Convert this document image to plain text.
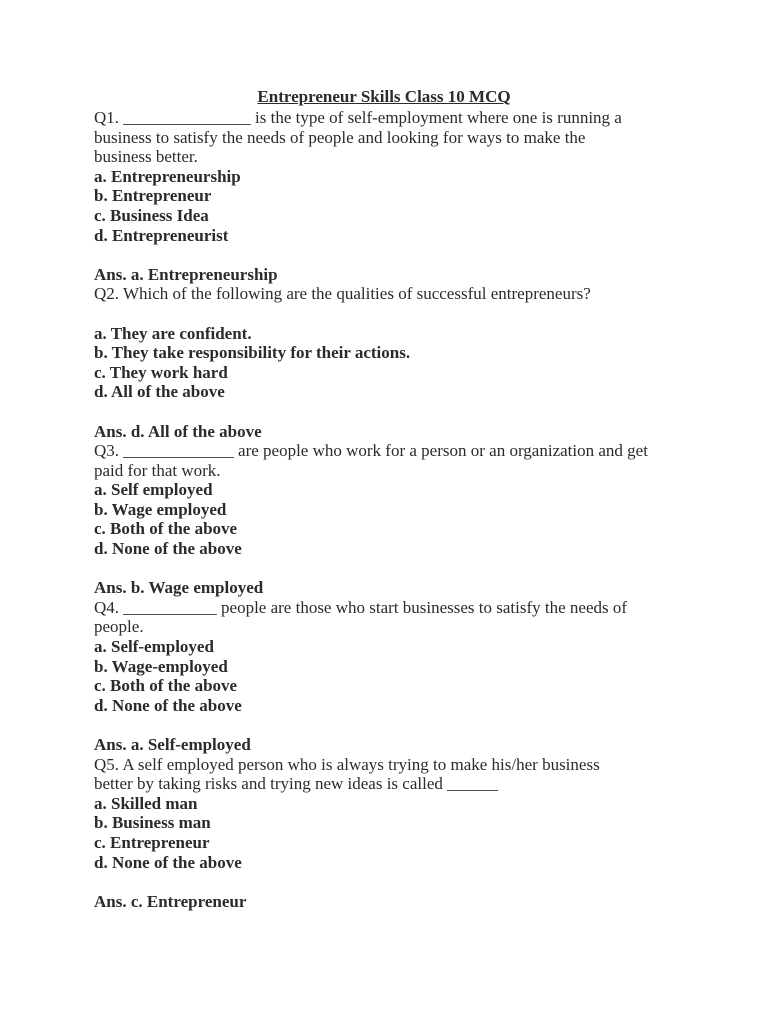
Entrepreneur Skills Class 10 MCQ

Q1. _______________ is the type of self-employment where one is running a

business to satisfy the needs of people and looking for ways to make the

business better.

a. Entrepreneurship

b. Entrepreneur

c. Business Idea

d. Entrepreneurist

Ans. a. Entrepreneurship

Q2. Which of the following are the qualities of successful entrepreneurs?

a. They are confident.

b. They take responsibility for their actions.

c. They work hard

d. All of the above

Ans. d. All of the above

Q3. _____________ are people who work for a person or an organization and get

paid for that work.

a. Self employed

b. Wage employed

c. Both of the above

d. None of the above

Ans. b. Wage employed

Q4. ___________ people are those who start businesses to satisfy the needs of

people.

a. Self-employed

b. Wage-employed

c. Both of the above

d. None of the above

Ans. a. Self-employed

Q5. A self employed person who is always trying to make his/her business

better by taking risks and trying new ideas is called ______

a. Skilled man

b. Business man

c. Entrepreneur

d. None of the above

Ans. c. Entrepreneur
